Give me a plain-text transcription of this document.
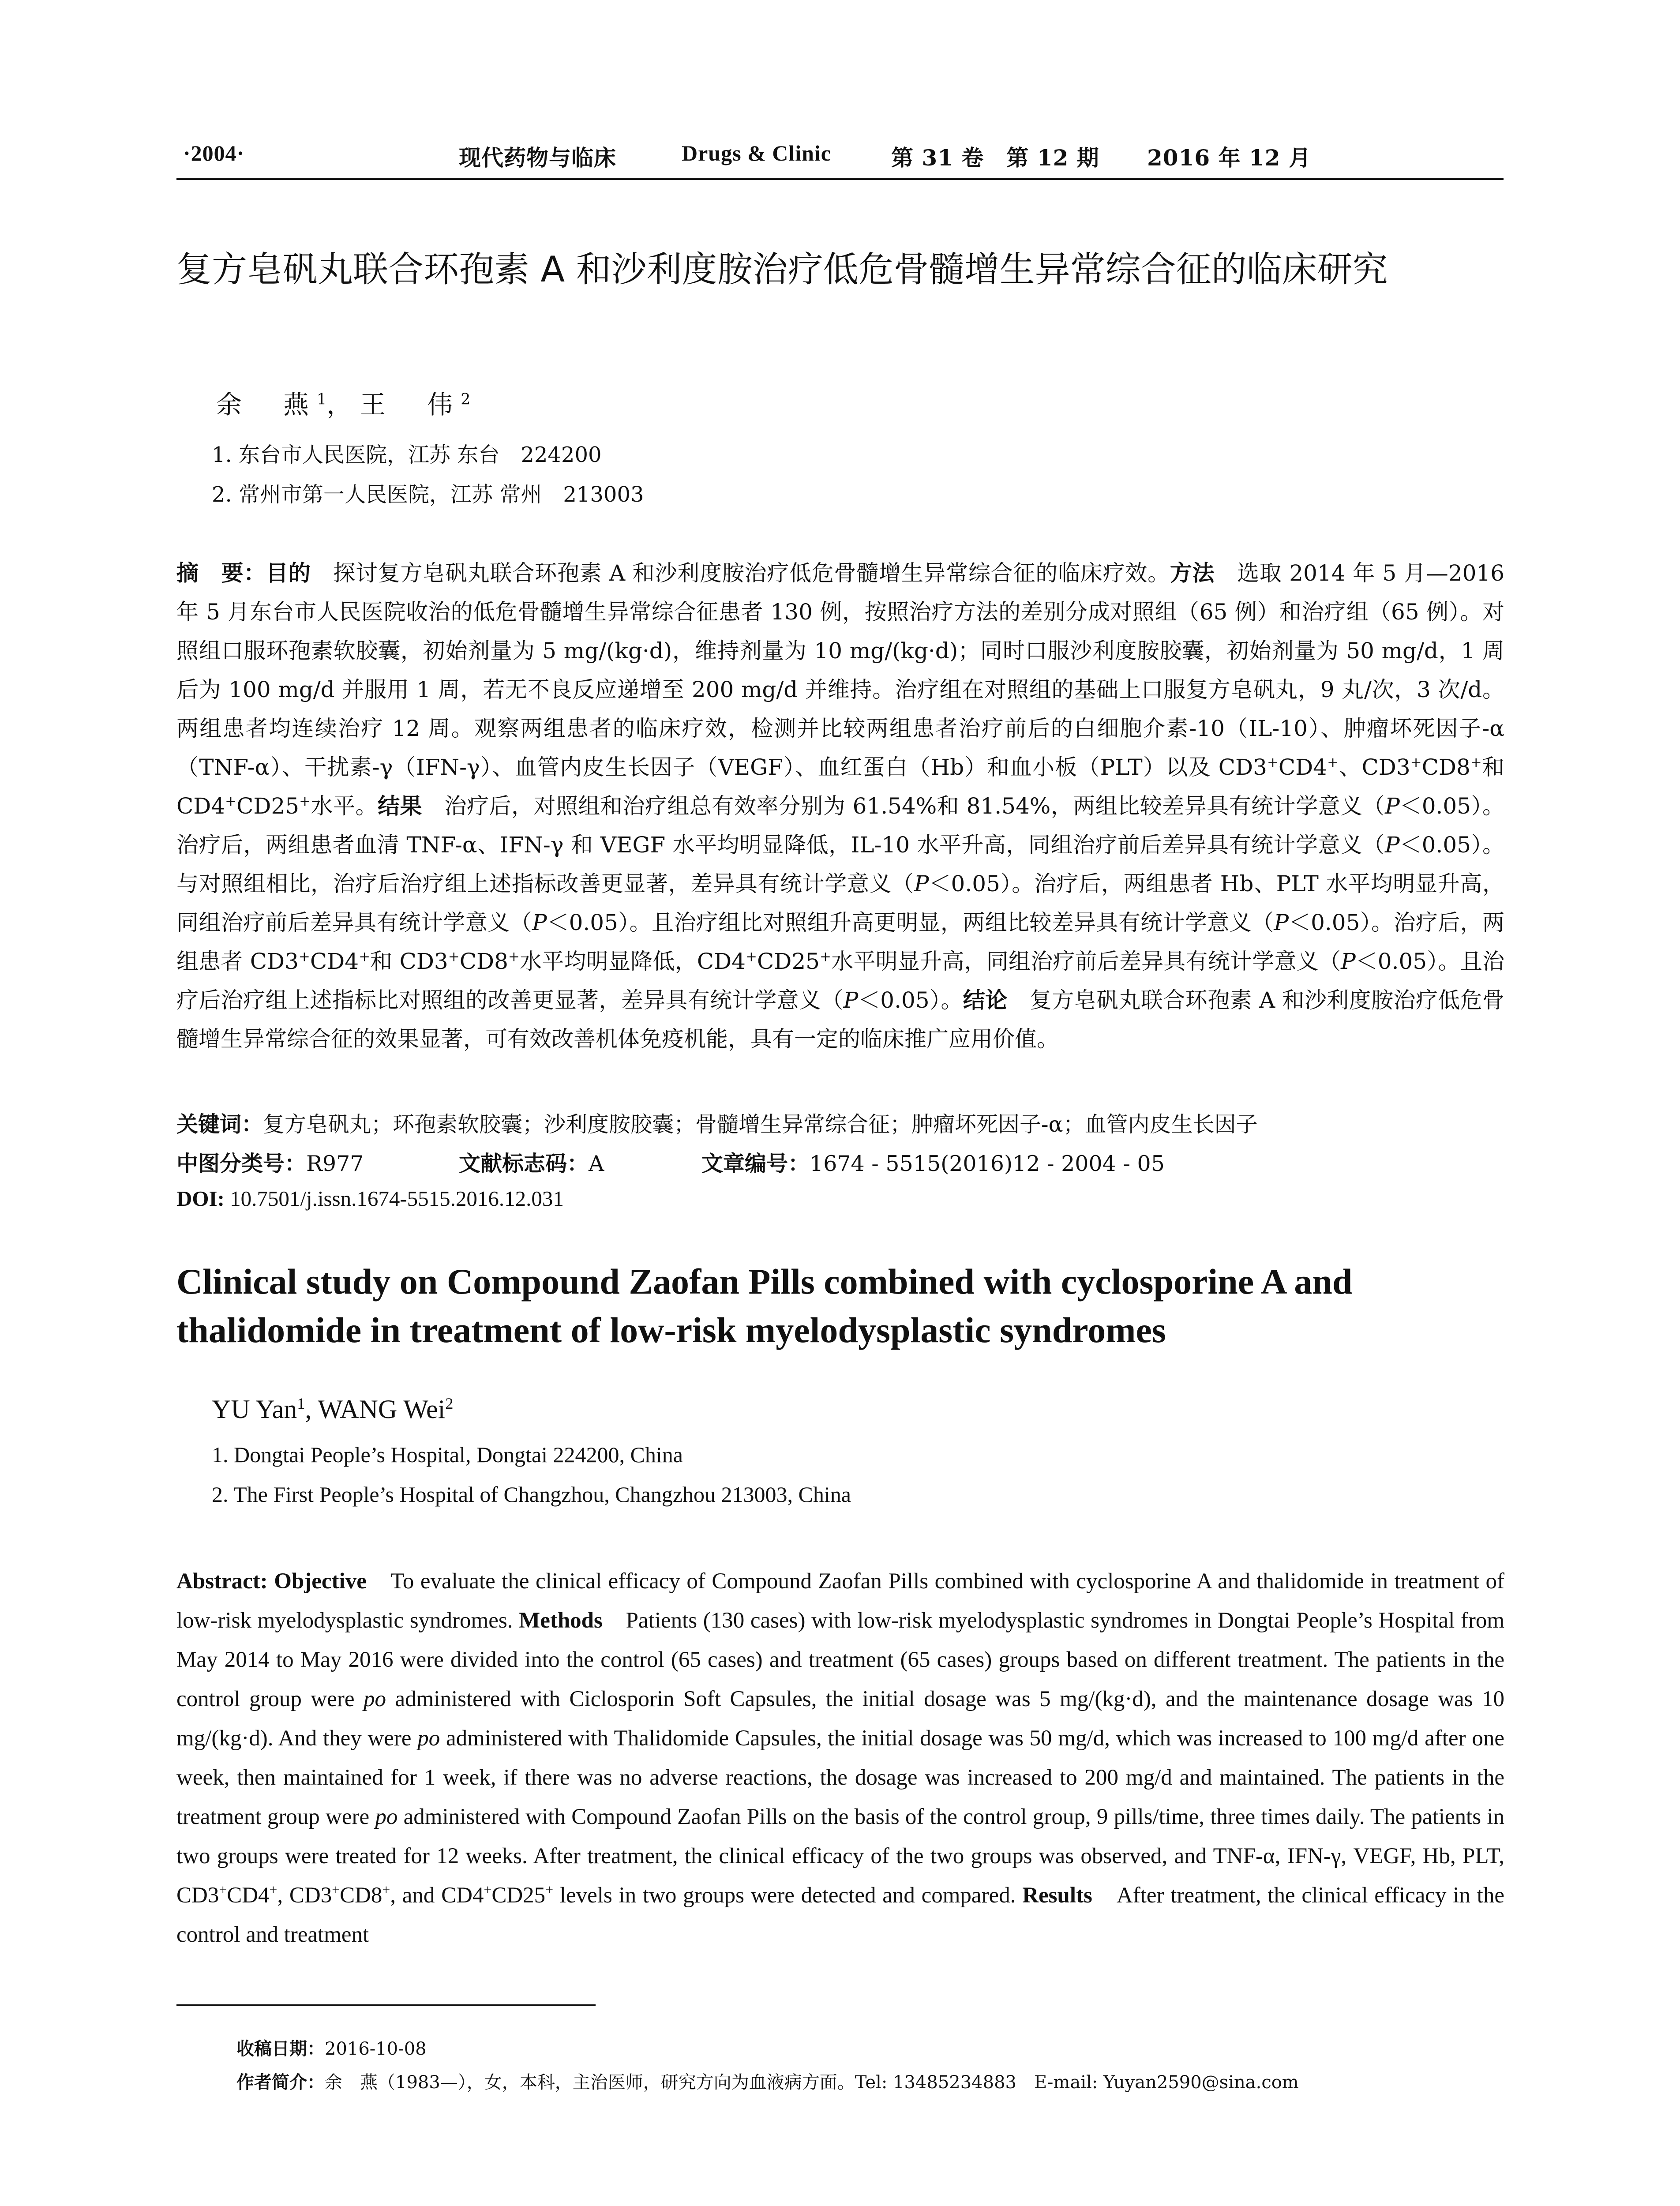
·2004·	现代药物与临床	Drugs & Clinic	第 31 卷　第 12 期 2016 年 12 月
复方皂矾丸联合环孢素 A 和沙利度胺治疗低危骨髓增生异常综合征的临床研究
余　燕$^1$，王　伟$^2$
1. 东台市人民医院，江苏 东台　224200
2. 常州市第一人民医院，江苏 常州　213003
摘　要：目的　探讨复方皂矾丸联合环孢素 A 和沙利度胺治疗低危骨髓增生异常综合征的临床疗效。方法　选取 2014 年 5 月—2016 年 5 月东台市人民医院收治的低危骨髓增生异常综合征患者 130 例，按照治疗方法的差别分成对照组（65 例）和治疗组（65 例）。对照组口服环孢素软胶囊，初始剂量为 5 mg/(kg·d)，维持剂量为 10 mg/(kg·d)；同时口服沙利度胺胶囊，初始剂量为 50 mg/d，1 周后为 100 mg/d 并服用 1 周，若无不良反应递增至 200 mg/d 并维持。治疗组在对照组的基础上口服复方皂矾丸，9 丸/次，3 次/d。两组患者均连续治疗 12 周。观察两组患者的临床疗效，检测并比较两组患者治疗前后的白细胞介素-10（IL-10）、肿瘤坏死因子-α（TNF-α）、干扰素-γ（IFN-γ）、血管内皮生长因子（VEGF）、血红蛋白（Hb）和血小板（PLT）以及 CD3+CD4+、CD3+CD8+和 CD4+CD25+水平。结果　治疗后，对照组和治疗组总有效率分别为 61.54%和 81.54%，两组比较差异具有统计学意义（P＜0.05）。治疗后，两组患者血清 TNF-α、IFN-γ 和 VEGF 水平均明显降低，IL-10 水平升高，同组治疗前后差异具有统计学意义（P＜0.05）。与对照组相比，治疗后治疗组上述指标改善更显著，差异具有统计学意义（P＜0.05）。治疗后，两组患者 Hb、PLT 水平均明显升高，同组治疗前后差异具有统计学意义（P＜0.05）。且治疗组比对照组升高更明显，两组比较差异具有统计学意义（P＜0.05）。治疗后，两组患者 CD3+CD4+和 CD3+CD8+水平均明显降低，CD4+CD25+水平明显升高，同组治疗前后差异具有统计学意义（P＜0.05）。且治疗后治疗组上述指标比对照组的改善更显著，差异具有统计学意义（P＜0.05）。结论　复方皂矾丸联合环孢素 A 和沙利度胺治疗低危骨髓增生异常综合征的效果显著，可有效改善机体免疫机能，具有一定的临床推广应用价值。
关键词：复方皂矾丸；环孢素软胶囊；沙利度胺胶囊；骨髓增生异常综合征；肿瘤坏死因子-α；血管内皮生长因子
中图分类号：R977	文献标志码：A	文章编号：1674 - 5515(2016)12 - 2004 - 05
DOI: 10.7501/j.issn.1674-5515.2016.12.031
Clinical study on Compound Zaofan Pills combined with cyclosporine A and thalidomide in treatment of low-risk myelodysplastic syndromes
YU Yan$^1$, WANG Wei$^2$
1. Dongtai People’s Hospital, Dongtai 224200, China
2. The First People’s Hospital of Changzhou, Changzhou 213003, China
Abstract: Objective　To evaluate the clinical efficacy of Compound Zaofan Pills combined with cyclosporine A and thalidomide in treatment of low-risk myelodysplastic syndromes. Methods　Patients (130 cases) with low-risk myelodysplastic syndromes in Dongtai People’s Hospital from May 2014 to May 2016 were divided into the control (65 cases) and treatment (65 cases) groups based on different treatment. The patients in the control group were po administered with Ciclosporin Soft Capsules, the initial dosage was 5 mg/(kg·d), and the maintenance dosage was 10 mg/(kg·d). And they were po administered with Thalidomide Capsules, the initial dosage was 50 mg/d, which was increased to 100 mg/d after one week, then maintained for 1 week, if there was no adverse reactions, the dosage was increased to 200 mg/d and maintained. The patients in the treatment group were po administered with Compound Zaofan Pills on the basis of the control group, 9 pills/time, three times daily. The patients in two groups were treated for 12 weeks. After treatment, the clinical efficacy of the two groups was observed, and TNF-α, IFN-γ, VEGF, Hb, PLT, CD3+CD4+, CD3+CD8+, and CD4+CD25+ levels in two groups were detected and compared. Results　After treatment, the clinical efficacy in the control and treatment
收稿日期：2016-10-08
作者简介：余　燕（1983—），女，本科，主治医师，研究方向为血液病方面。Tel: 13485234883　E-mail: Yuyan2590@sina.com
